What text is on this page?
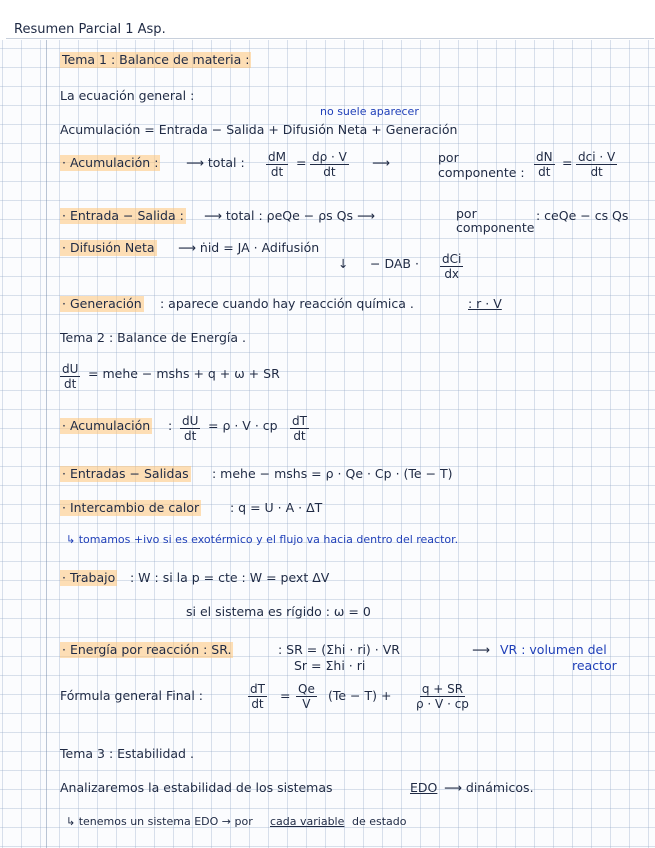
Resumen Parcial 1 Asp.
Tema 1 : Balance de materia :
La ecuación general :
no suele aparecer
Acumulación = Entrada − Salida + Difusión Neta + Generación
· Acumulación : ⟶ total : $\frac{dM}{dt} = \frac{d\rho \cdot V}{dt}$ ⟶	por
componente : $\frac{dN}{dt}$ = dci · V
dt
· Entrada − Salida : ⟶ total : ρeQe − ρs Qs ⟶	por
componente
: ceQe − cs Qs
· Difusión Neta ⟶ ṅid = JA · Adifusión
↓ − DAB · dCi
dx
· Generación : aparece cuando hay reacción química .	: r · V
Tema 2 : Balance de Energía .
$\frac{dU}{dt}$ = mehe − mshs + q + ω + SR
· Acumulación : $\frac{dU}{dt} = \rho \cdot V$ · cp $\frac{dT}{dt}$
· Entradas − Salidas : mehe − mshs = ρ · Qe · Cp · (Te − T)
· Intercambio de calor : q = U · A · ΔT
↳ tomamos +ivo si es exotérmico y el flujo va hacia dentro del reactor.
· Trabajo : W : si la p = cte : W = pext ΔV
si el sistema es rígido : ω = 0
· Energía por reacción : SR.	: SR = (Σhi · ri) · VR
Sr = Σhi · ri
⟶ VR : volumen del
reactor
Fórmula general Final :	$\frac{dT}{dt} = \frac{Qe}{V} (Te - T) + \frac{q + SR}{\rho \cdot V \cdot cp}$
Tema 3 : Estabilidad .
Analizaremos la estabilidad de los sistemas	EDO ⟶ dinámicos.
↳ tenemos un sistema EDO → por cada variable de estado
